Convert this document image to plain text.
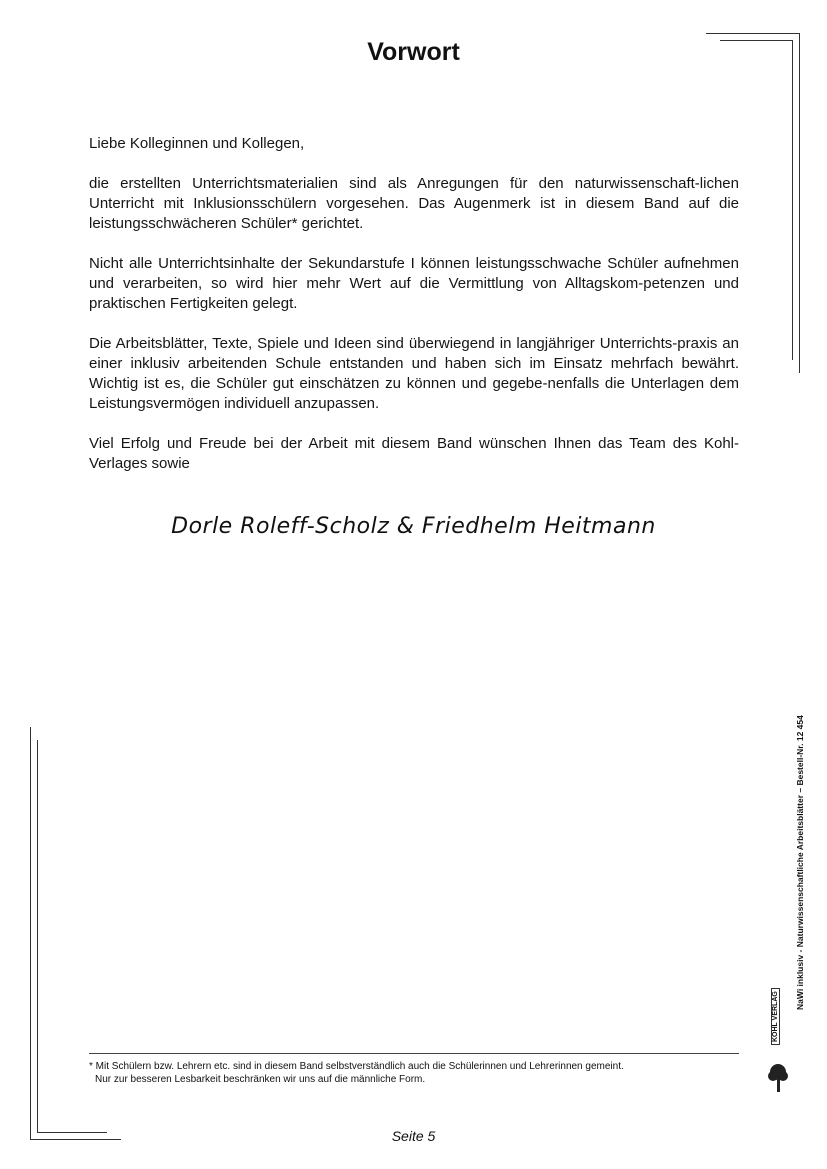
Vorwort

Liebe Kolleginnen und Kollegen,

die erstellten Unterrichtsmaterialien sind als Anregungen für den naturwissenschaft-lichen Unterricht mit Inklusionsschülern vorgesehen. Das Augenmerk ist in diesem Band auf die leistungsschwächeren Schüler* gerichtet.

Nicht alle Unterrichtsinhalte der Sekundarstufe I können leistungsschwache Schüler aufnehmen und verarbeiten, so wird hier mehr Wert auf die Vermittlung von Alltagskom-petenzen und praktischen Fertigkeiten gelegt.

Die Arbeitsblätter, Texte, Spiele und Ideen sind überwiegend in langjähriger Unterrichts-praxis an einer inklusiv arbeitenden Schule entstanden und haben sich im Einsatz mehrfach bewährt. Wichtig ist es, die Schüler gut einschätzen zu können und gegebe-nenfalls die Unterlagen dem Leistungsvermögen individuell anzupassen.

Viel Erfolg und Freude bei der Arbeit mit diesem Band wünschen Ihnen das Team des Kohl-Verlages sowie

Dorle Roleff-Scholz & Friedhelm Heitmann
* Mit Schülern bzw. Lehrern etc. sind in diesem Band selbstverständlich auch die Schülerinnen und Lehrerinnen gemeint.
Nur zur besseren Lesbarkeit beschränken wir uns auf die männliche Form.
NaWi inklusiv - Naturwissenschaftliche Arbeitsblätter – Bestell-Nr. 12 454
KOHL VERLAG
Seite 5
